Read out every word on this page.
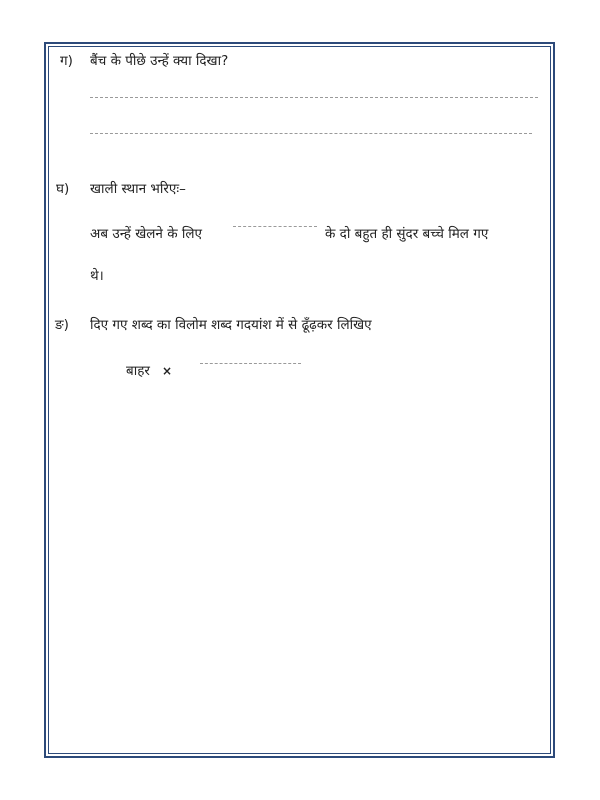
ग) बैंच के पीछे उन्हें क्या दिखा?
घ) खाली स्थान भरिएः–
अब उन्हें खेलने के लिए	के दो बहुत ही सुंदर बच्चे मिल गए
थे।
ङ) दिए गए शब्द का विलोम शब्द गदयांश में से ढूँढ़कर लिखिए
बाहर ×
